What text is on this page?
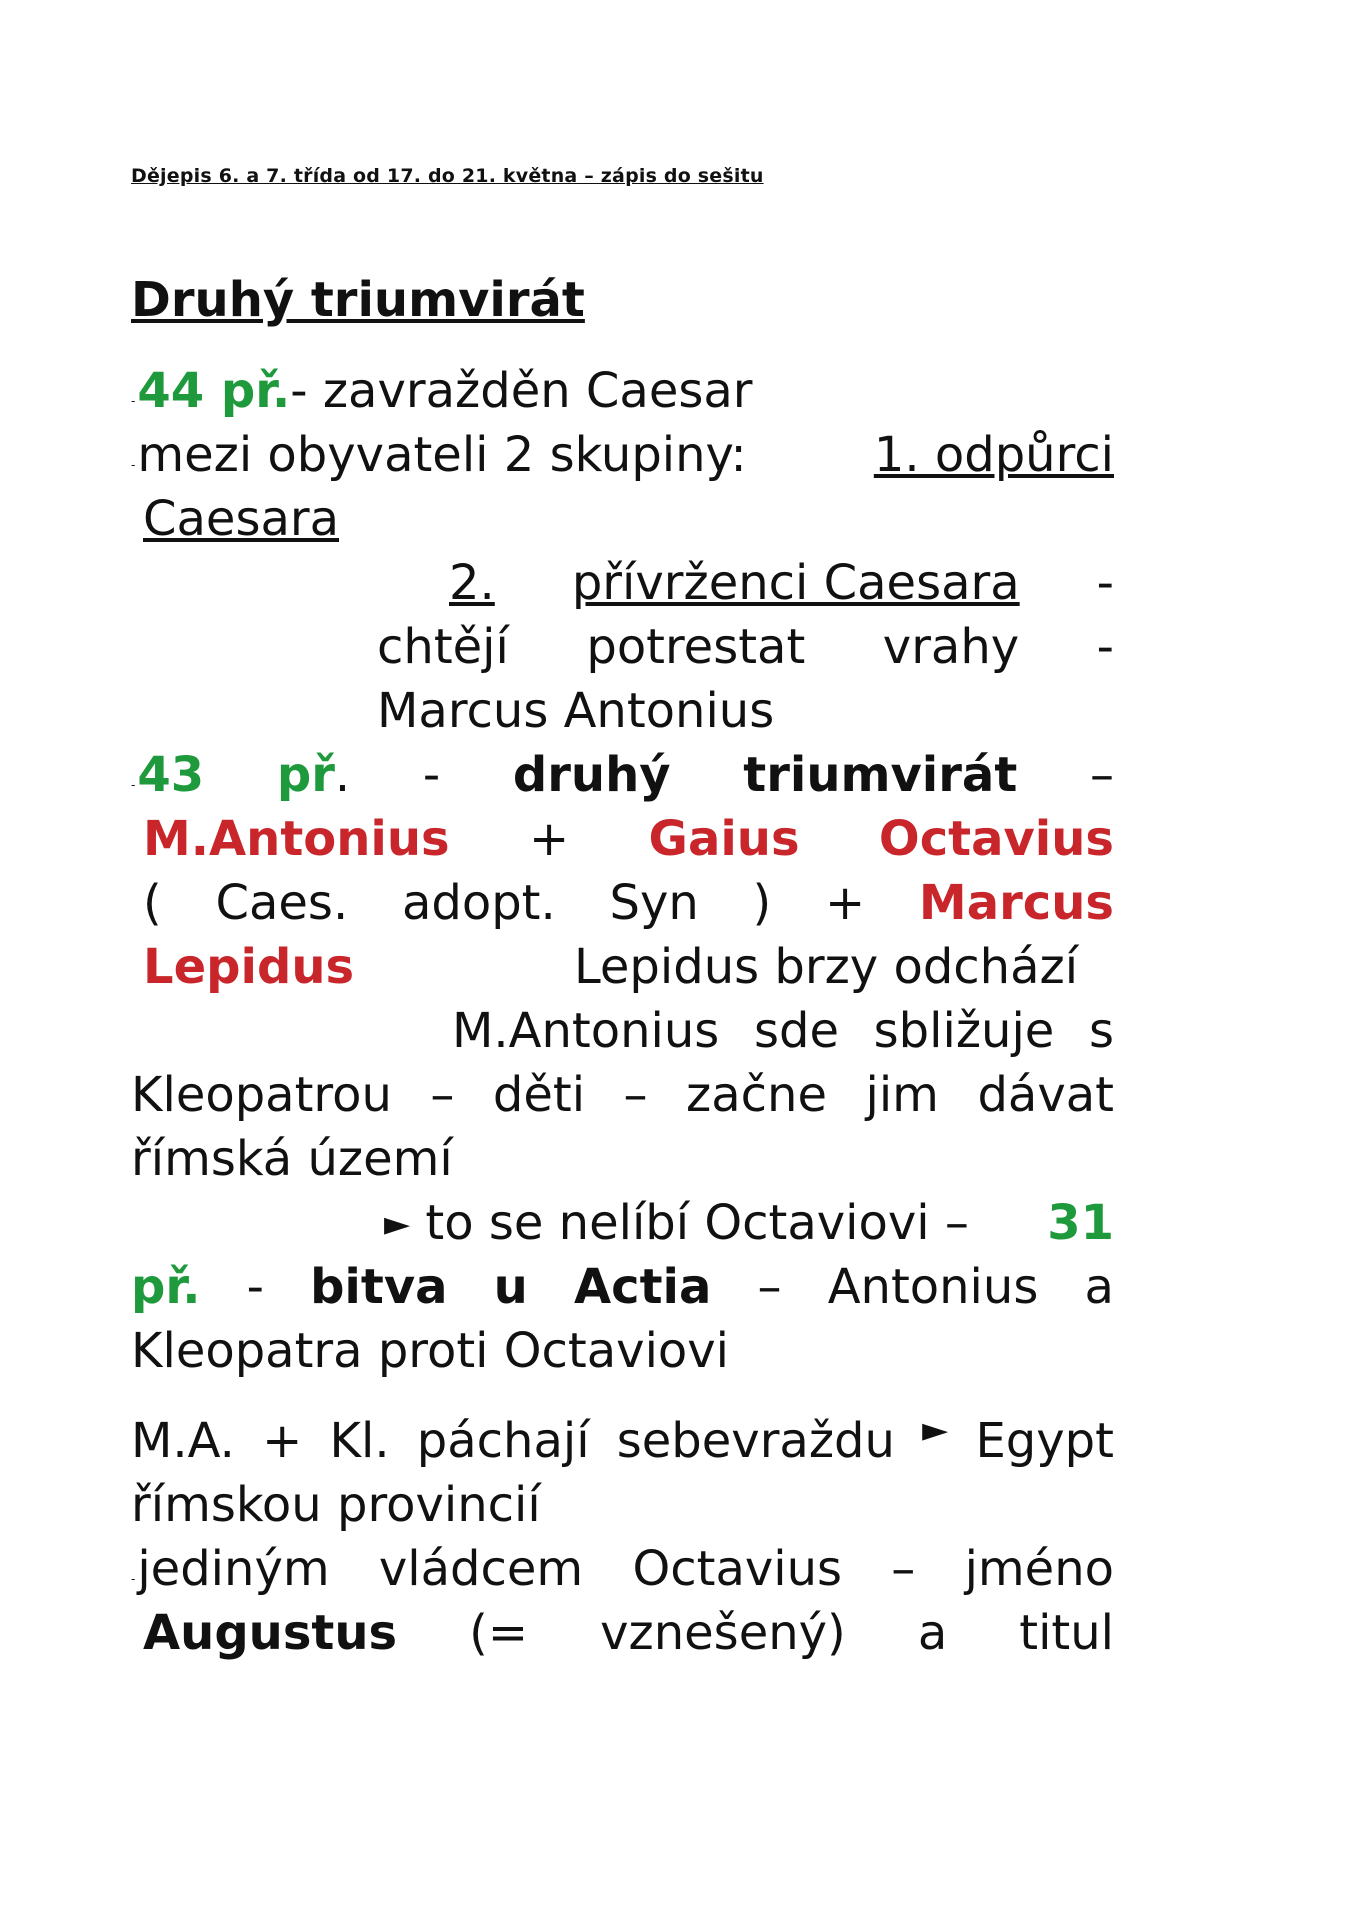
Dějepis 6. a 7. třída od 17. do 21. května – zápis do sešitu
Druhý triumvirát
-44 př.- zavražděn Caesar
-mezi obyvateli 2 skupiny:	1. odpůrci
Caesara
2. přívrženci Caesara -
chtějí potrestat vrahy -
Marcus Antonius
-43 př. - druhý triumvirát –
M.Antonius + Gaius Octavius
( Caes. adopt. Syn ) + Marcus
Lepidus	Lepidus brzy odchází
M.Antonius sde sbližuje s
Kleopatrou – děti – začne jim dávat
římská území
► to se nelíbí Octaviovi – 31
př. - bitva u Actia – Antonius a
Kleopatra proti Octaviovi
M.A. + Kl. páchají sebevraždu ► Egypt
římskou provincií
-jediným vládcem Octavius – jméno
Augustus (= vznešený) a titul
